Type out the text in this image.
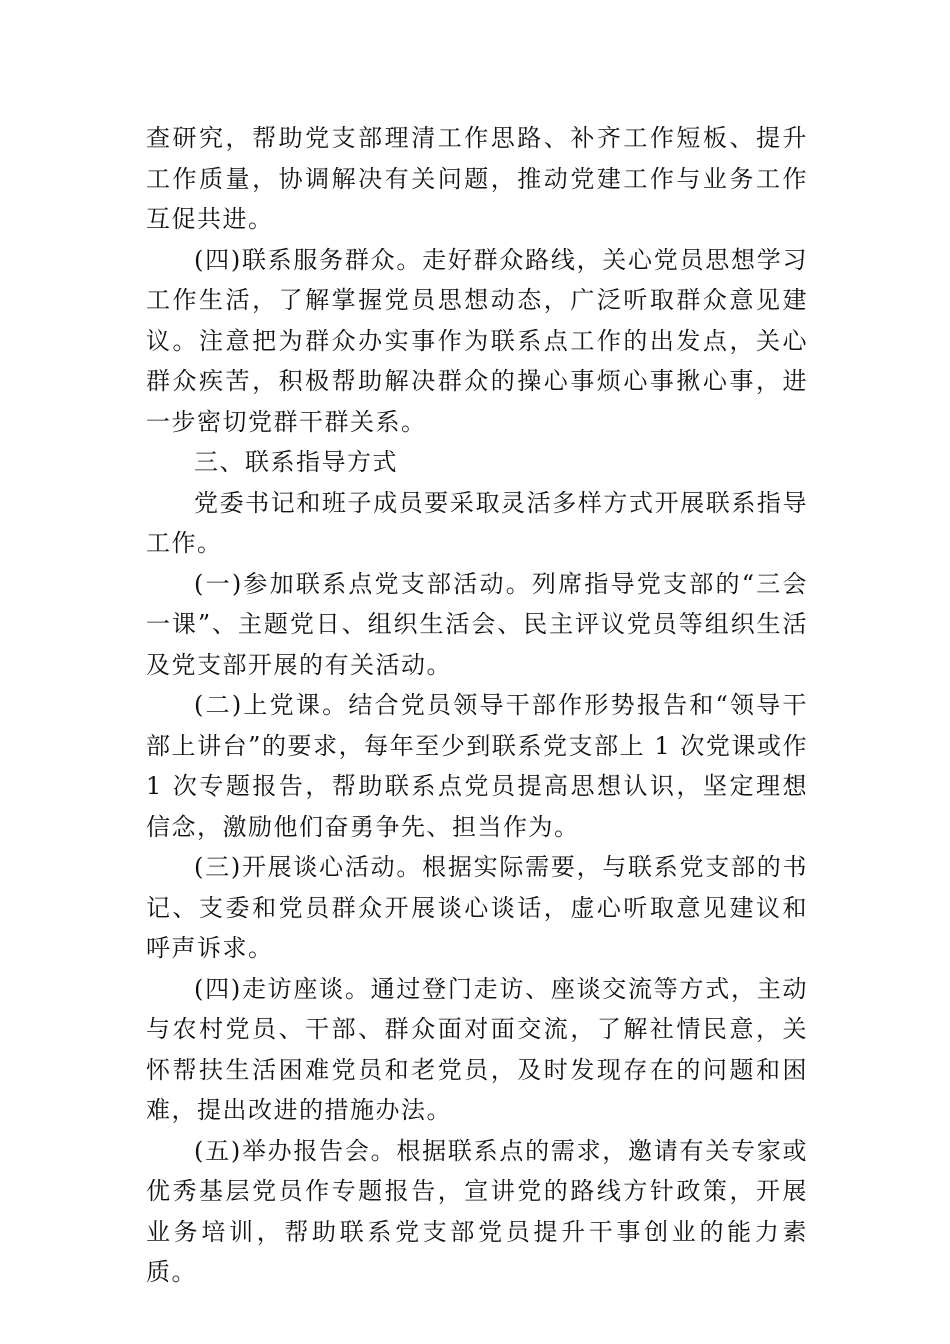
查研究，帮助党支部理清工作思路、补齐工作短板、提升工作质量，协调解决有关问题，推动党建工作与业务工作互促共进。

(四)联系服务群众。走好群众路线，关心党员思想学习工作生活，了解掌握党员思想动态，广泛听取群众意见建议。注意把为群众办实事作为联系点工作的出发点，关心群众疾苦，积极帮助解决群众的操心事烦心事揪心事，进一步密切党群干群关系。

三、联系指导方式

党委书记和班子成员要采取灵活多样方式开展联系指导工作。

(一)参加联系点党支部活动。列席指导党支部的“三会一课”、主题党日、组织生活会、民主评议党员等组织生活及党支部开展的有关活动。

(二)上党课。结合党员领导干部作形势报告和“领导干部上讲台”的要求，每年至少到联系党支部上 1 次党课或作 1 次专题报告，帮助联系点党员提高思想认识，坚定理想信念，激励他们奋勇争先、担当作为。

(三)开展谈心活动。根据实际需要，与联系党支部的书记、支委和党员群众开展谈心谈话，虚心听取意见建议和呼声诉求。

(四)走访座谈。通过登门走访、座谈交流等方式，主动与农村党员、干部、群众面对面交流，了解社情民意，关怀帮扶生活困难党员和老党员，及时发现存在的问题和困难，提出改进的措施办法。

(五)举办报告会。根据联系点的需求，邀请有关专家或优秀基层党员作专题报告，宣讲党的路线方针政策，开展业务培训，帮助联系党支部党员提升干事创业的能力素质。
